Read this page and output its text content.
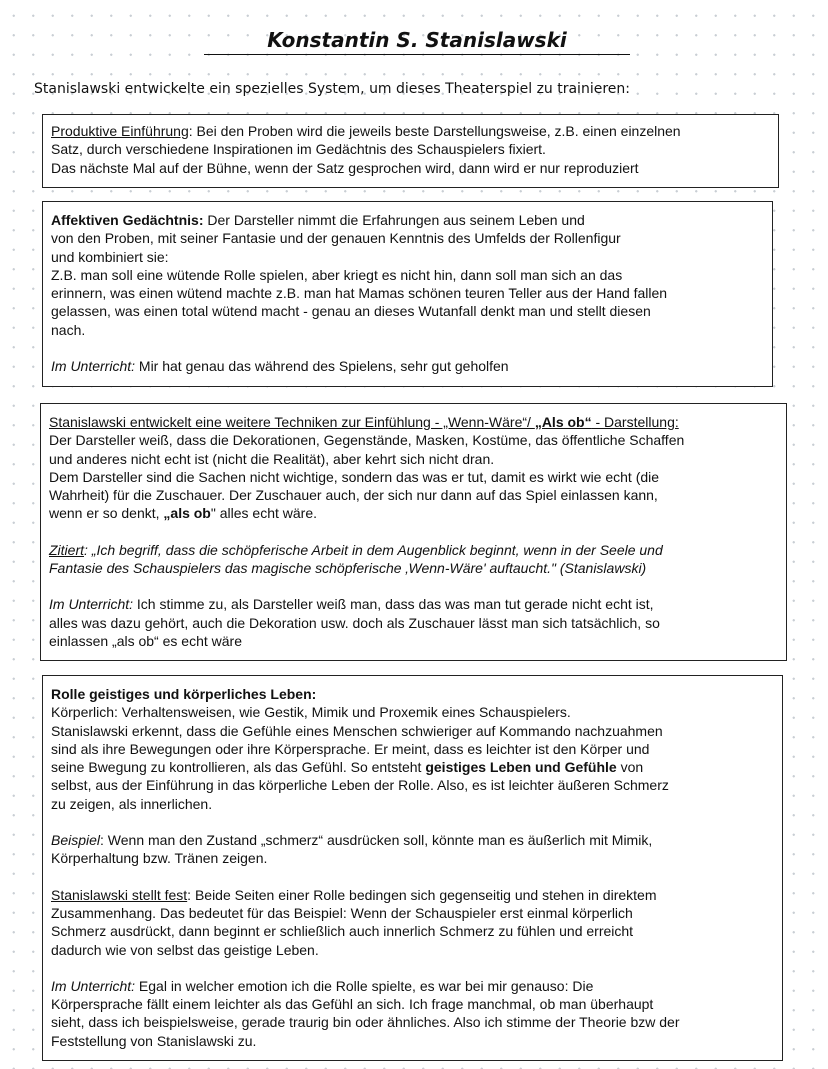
Konstantin S. Stanislawski
Stanislawski entwickelte ein spezielles System, um dieses Theaterspiel zu trainieren:

Produktive Einführung: Bei den Proben wird die jeweils beste Darstellungsweise, z.B. einen einzelnen

Satz, durch verschiedene Inspirationen im Gedächtnis des Schauspielers fixiert.

Das nächste Mal auf der Bühne, wenn der Satz gesprochen wird, dann wird er nur reproduziert

Affektiven Gedächtnis: Der Darsteller nimmt die Erfahrungen aus seinem Leben und

von den Proben, mit seiner Fantasie und der genauen Kenntnis des Umfelds der Rollenfigur

und kombiniert sie:

Z.B. man soll eine wütende Rolle spielen, aber kriegt es nicht hin, dann soll man sich an das

erinnern, was einen wütend machte z.B. man hat Mamas schönen teuren Teller aus der Hand fallen

gelassen, was einen total wütend macht - genau an dieses Wutanfall denkt man und stellt diesen

nach.

Im Unterricht: Mir hat genau das während des Spielens, sehr gut geholfen

Stanislawski entwickelt eine weitere Techniken zur Einfühlung - „Wenn-Wäre“/ „Als ob“ - Darstellung:

Der Darsteller weiß, dass die Dekorationen, Gegenstände, Masken, Kostüme, das öffentliche Schaffen

und anderes nicht echt ist (nicht die Realität), aber kehrt sich nicht dran.

Dem Darsteller sind die Sachen nicht wichtige, sondern das was er tut, damit es wirkt wie echt (die

Wahrheit) für die Zuschauer. Der Zuschauer auch, der sich nur dann auf das Spiel einlassen kann,

wenn er so denkt, „als ob" alles echt wäre.

Zitiert: „Ich begriff, dass die schöpferische Arbeit in dem Augenblick beginnt, wenn in der Seele und

Fantasie des Schauspielers das magische schöpferische ‚Wenn-Wäre' auftaucht." (Stanislawski)

Im Unterricht: Ich stimme zu, als Darsteller weiß man, dass das was man tut gerade nicht echt ist,

alles was dazu gehört, auch die Dekoration usw. doch als Zuschauer lässt man sich tatsächlich, so

einlassen „als ob“ es echt wäre

Rolle geistiges und körperliches Leben:

Körperlich: Verhaltensweisen, wie Gestik, Mimik und Proxemik eines Schauspielers.

Stanislawski erkennt, dass die Gefühle eines Menschen schwieriger auf Kommando nachzuahmen

sind als ihre Bewegungen oder ihre Körpersprache. Er meint, dass es leichter ist den Körper und

seine Bwegung zu kontrollieren, als das Gefühl. So entsteht geistiges Leben und Gefühle von

selbst, aus der Einführung in das körperliche Leben der Rolle. Also, es ist leichter äußeren Schmerz

zu zeigen, als innerlichen.

Beispiel: Wenn man den Zustand „schmerz“ ausdrücken soll, könnte man es äußerlich mit Mimik,

Körperhaltung bzw. Tränen zeigen.

Stanislawski stellt fest: Beide Seiten einer Rolle bedingen sich gegenseitig und stehen in direktem

Zusammenhang. Das bedeutet für das Beispiel: Wenn der Schauspieler erst einmal körperlich

Schmerz ausdrückt, dann beginnt er schließlich auch innerlich Schmerz zu fühlen und erreicht

dadurch wie von selbst das geistige Leben.

Im Unterricht: Egal in welcher emotion ich die Rolle spielte, es war bei mir genauso: Die

Körpersprache fällt einem leichter als das Gefühl an sich. Ich frage manchmal, ob man überhaupt

sieht, dass ich beispielsweise, gerade traurig bin oder ähnliches. Also ich stimme der Theorie bzw der

Feststellung von Stanislawski zu.
